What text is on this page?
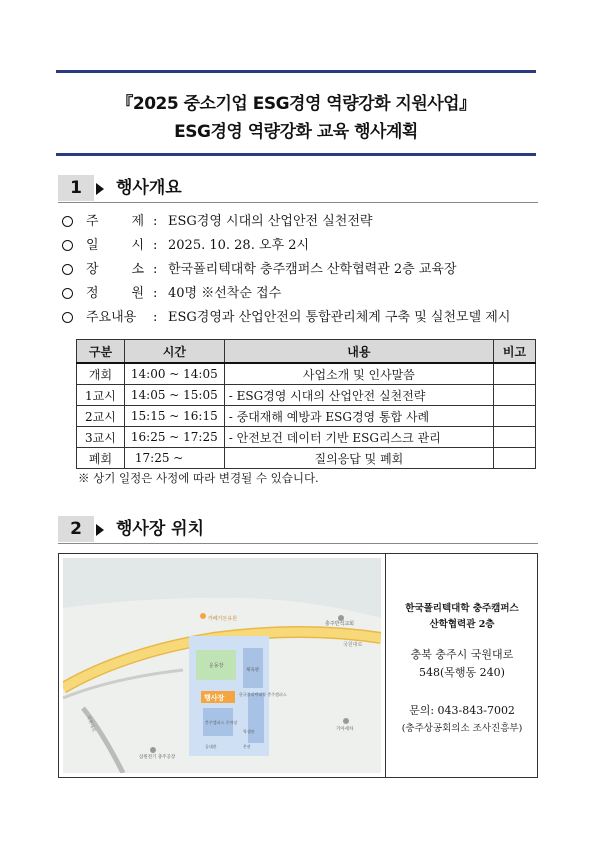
『2025 중소기업 ESG경영 역량강화 지원사업』
ESG경영 역량강화 교육 행사계획
1	행사개요
주	제 : ESG경영 시대의 산업안전 실천전략
일	시 : 2025. 10. 28. 오후 2시
장	소 : 한국폴리텍대학 충주캠퍼스 산학협력관 2층 교육장
정	원 : 40명 ※선착순 접수
주요내용	: ESG경영과 산업안전의 통합관리체계 구축 및 실천모델 제시
구분	시간	내용	비고
개회	14:00 ~ 14:05	사업소개 및 인사말씀	
1교시	14:05 ~ 15:05	- ESG경영 시대의 산업안전 실천전략	
2교시	15:15 ~ 16:15	- 중대재해 예방과 ESG경영 통합 사례	
3교시	16:25 ~ 17:25	- 안전보건 데이터 기반 ESG리스크 관리	
폐회	17:25 ~	질의응답 및 폐회	
※ 상기 일정은 사정에 따라 변경될 수 있습니다.
2	행사장 위치
카페가든유원
충주반석교회
국원대로
운동장
체육관
행사장	한국폴리텍대학 충주캠퍼스
충주캠퍼스 주차장
공대관	본관
학생관	기아세차
삼원전기 충주공장
국원대로
한국폴리텍대학 충주캠퍼스
산학협력관 2층
충북 충주시 국원대로
548(목행동 240)
문의: 043-843-7002
(충주상공회의소 조사진흥부)
